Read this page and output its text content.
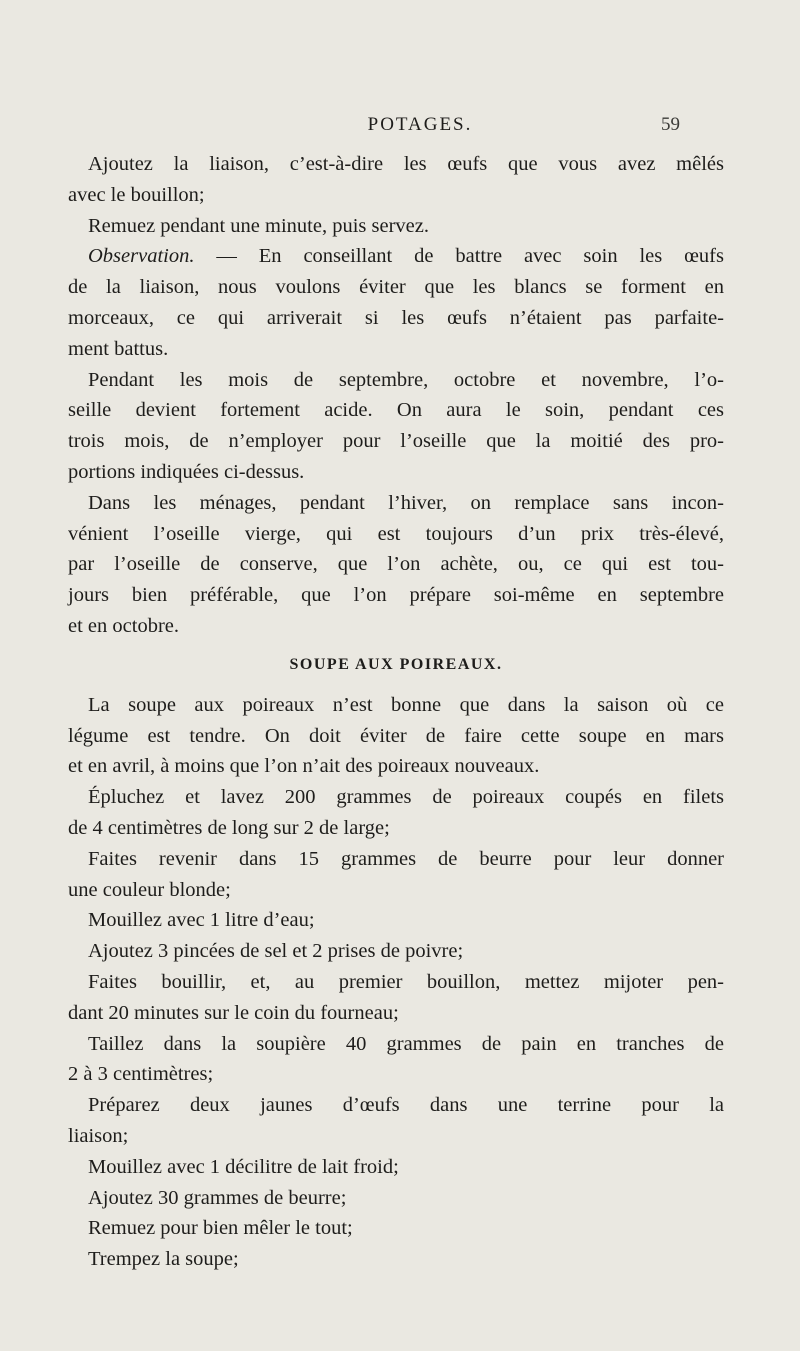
POTAGES.	59
Ajoutez la liaison, c’est-à-dire les œufs que vous avez mêlés
avec le bouillon;
Remuez pendant une minute, puis servez.
Observation. — En conseillant de battre avec soin les œufs
de la liaison, nous voulons éviter que les blancs se forment en
morceaux, ce qui arriverait si les œufs n’étaient pas parfaite-
ment battus.
Pendant les mois de septembre, octobre et novembre, l’o-
seille devient fortement acide. On aura le soin, pendant ces
trois mois, de n’employer pour l’oseille que la moitié des pro-
portions indiquées ci-dessus.
Dans les ménages, pendant l’hiver, on remplace sans incon-
vénient l’oseille vierge, qui est toujours d’un prix très-élevé,
par l’oseille de conserve, que l’on achète, ou, ce qui est tou-
jours bien préférable, que l’on prépare soi-même en septembre
et en octobre.
SOUPE AUX POIREAUX.
La soupe aux poireaux n’est bonne que dans la saison où ce
légume est tendre. On doit éviter de faire cette soupe en mars
et en avril, à moins que l’on n’ait des poireaux nouveaux.
Épluchez et lavez 200 grammes de poireaux coupés en filets
de 4 centimètres de long sur 2 de large;
Faites revenir dans 15 grammes de beurre pour leur donner
une couleur blonde;
Mouillez avec 1 litre d’eau;
Ajoutez 3 pincées de sel et 2 prises de poivre;
Faites bouillir, et, au premier bouillon, mettez mijoter pen-
dant 20 minutes sur le coin du fourneau;
Taillez dans la soupière 40 grammes de pain en tranches de
2 à 3 centimètres;
Préparez deux jaunes d’œufs dans une terrine pour la
liaison;
Mouillez avec 1 décilitre de lait froid;
Ajoutez 30 grammes de beurre;
Remuez pour bien mêler le tout;
Trempez la soupe;
